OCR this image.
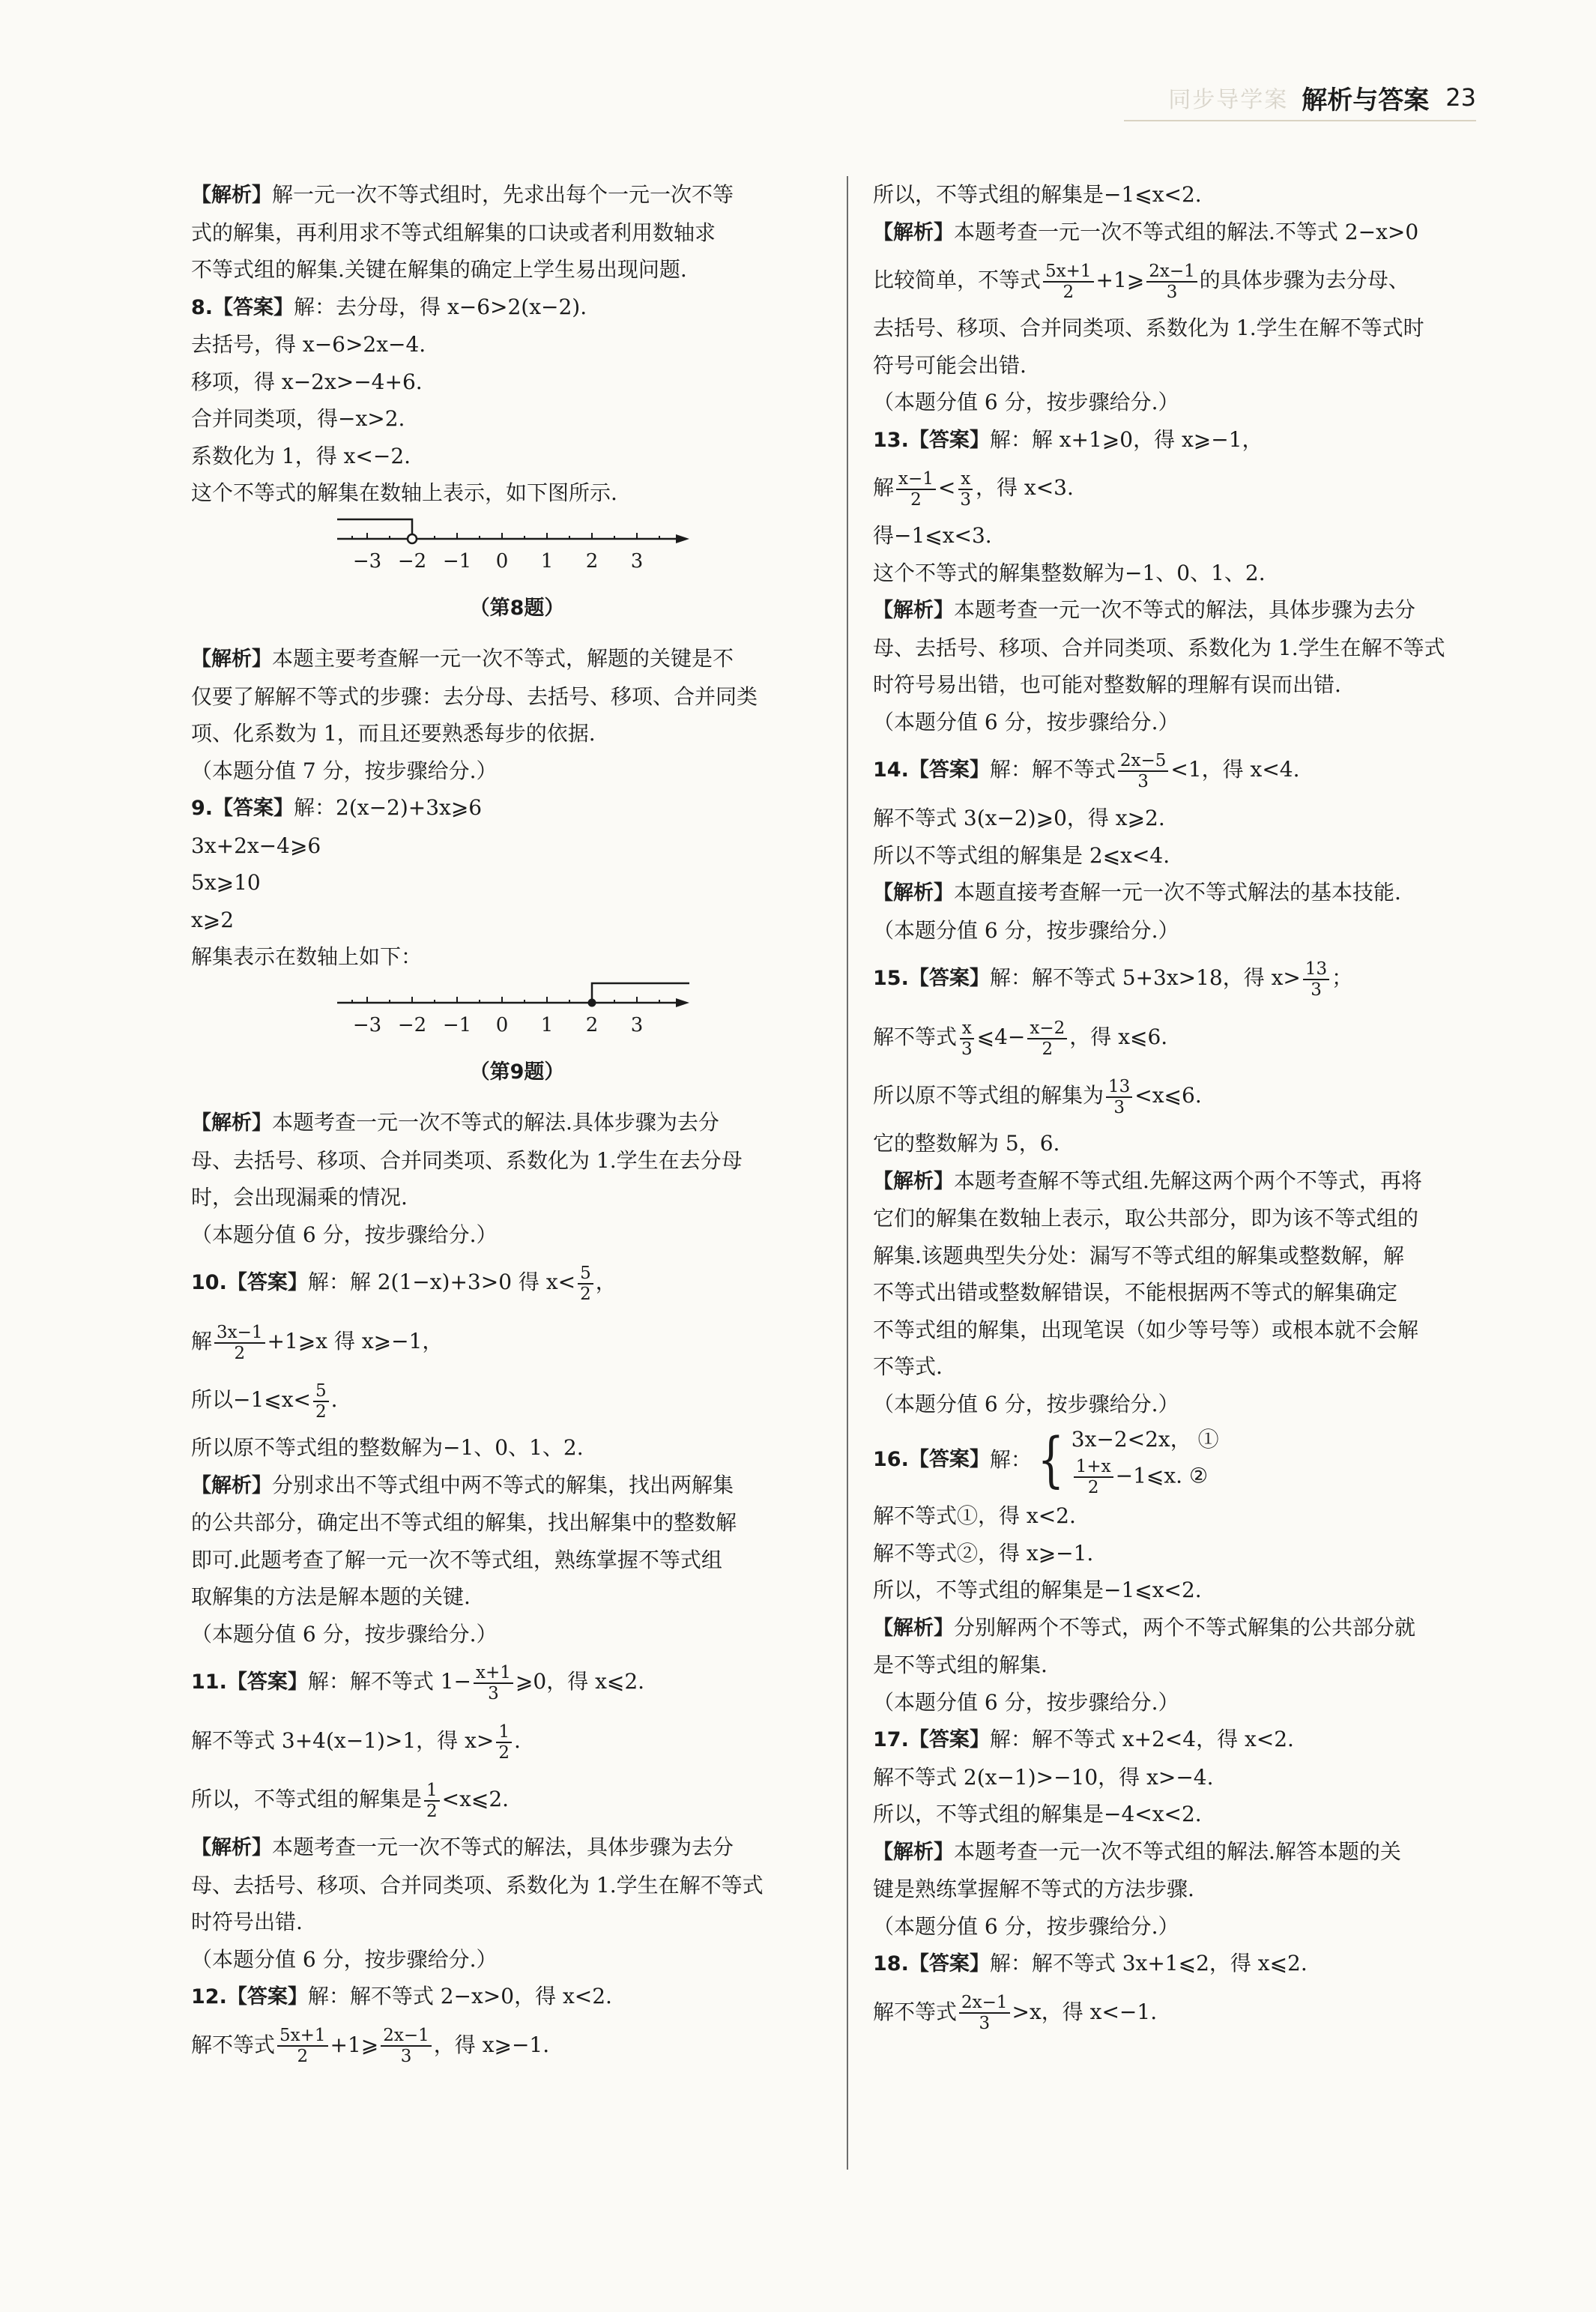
同步导学案 解析与答案 23
【解析】解一元一次不等式组时，先求出每个一元一次不等
式的解集，再利用求不等式组解集的口诀或者利用数轴求
不等式组的解集.关键在解集的确定上学生易出现问题.
8.【答案】解：去分母，得 x−6>2(x−2).
去括号，得 x−6>2x−4.
移项，得 x−2x>−4+6.
合并同类项，得−x>2.
系数化为 1，得 x<−2.
这个不等式的解集在数轴上表示，如下图所示.
−3 −2 −1 0 1 2 3
（第8题）
【解析】本题主要考查解一元一次不等式，解题的关键是不
仅要了解解不等式的步骤：去分母、去括号、移项、合并同类
项、化系数为 1，而且还要熟悉每步的依据.
（本题分值 7 分，按步骤给分.）
9.【答案】解：2(x−2)+3x⩾6
3x+2x−4⩾6
5x⩾10
x⩾2
解集表示在数轴上如下：
−3 −2 −1 0 1 2 3
（第9题）
【解析】本题考查一元一次不等式的解法.具体步骤为去分
母、去括号、移项、合并同类项、系数化为 1.学生在去分母
时，会出现漏乘的情况.
（本题分值 6 分，按步骤给分.）
10.【答案】解：解 2(1−x)+3>0 得 $x< \frac{5}{2}$ ，
解 $\frac{3x-1}{2}$ +1⩾x 得 x⩾−1，
所以−1⩽x< $\frac{5}{2}$ .
所以原不等式组的整数解为−1、0、1、2.
【解析】分别求出不等式组中两不等式的解集，找出两解集
的公共部分，确定出不等式组的解集，找出解集中的整数解
即可.此题考查了解一元一次不等式组，熟练掌握不等式组
取解集的方法是解本题的关键.
（本题分值 6 分，按步骤给分.）
11.【答案】解：解不等式 $1- \frac{x+1}{3}$ ⩾0，得 x⩽2.
解不等式 3+4(x−1)>1，得 $x> \frac{1}{2}$ .
所以，不等式组的解集是 $\frac{1}{2}$ <x⩽2.
【解析】本题考查一元一次不等式的解法，具体步骤为去分
母、去括号、移项、合并同类项、系数化为 1.学生在解不等式
时符号出错.
（本题分值 6 分，按步骤给分.）
12.【答案】解：解不等式 2−x>0，得 x<2.
解不等式 $\frac{5x+1}{2}$ +1⩾ $\frac{2x-1}{3}$ ，得 x⩾−1.
所以，不等式组的解集是−1⩽x<2.
【解析】本题考查一元一次不等式组的解法.不等式 2−x>0
比较简单，不等式 $\frac{5x+1}{2}$ +1⩾ $\frac{2x-1}{3}$ 的具体步骤为去分母、
去括号、移项、合并同类项、系数化为 1.学生在解不等式时
符号可能会出错.
（本题分值 6 分，按步骤给分.）
13.【答案】解：解 x+1⩾0，得 x⩾−1，
解 $\frac{x-1}{2} < \frac{x}{3}$ ，得 x<3.
得−1⩽x<3.
这个不等式的解集整数解为−1、0、1、2.
【解析】本题考查一元一次不等式的解法，具体步骤为去分
母、去括号、移项、合并同类项、系数化为 1.学生在解不等式
时符号易出错，也可能对整数解的理解有误而出错.
（本题分值 6 分，按步骤给分.）
14.【答案】解：解不等式 $\frac{2x-5}{3} <1$，得 x<4.
解不等式 3(x−2)⩾0，得 x⩾2.
所以不等式组的解集是 2⩽x<4.
【解析】本题直接考查解一元一次不等式解法的基本技能.
（本题分值 6 分，按步骤给分.）
15.【答案】解：解不等式 5+3x>18，得 $x> \frac{13}{3}$ ；
解不等式 $\frac{x}{3}$ ⩽4− $\frac{x-2}{2}$ ，得 x⩽6.
所以原不等式组的解集为 $\frac{13}{3}$ <x⩽6.
它的整数解为 5，6.
【解析】本题考查解不等式组.先解这两个两个不等式，再将
它们的解集在数轴上表示，取公共部分，即为该不等式组的
解集.该题典型失分处：漏写不等式组的解集或整数解，解
不等式出错或整数解错误，不能根据两不等式的解集确定
不等式组的解集，出现笔误（如少等号等）或根本就不会解
不等式.
（本题分值 6 分，按步骤给分.）
16.【答案】 解： { 3x−2<2x， ①
$\frac{1+x}{2}$ −1⩽x. ②
解不等式①，得 x<2.
解不等式②，得 x⩾−1.
所以，不等式组的解集是−1⩽x<2.
【解析】分别解两个不等式，两个不等式解集的公共部分就
是不等式组的解集.
（本题分值 6 分，按步骤给分.）
17.【答案】解：解不等式 x+2<4，得 x<2.
解不等式 2(x−1)>−10，得 x>−4.
所以，不等式组的解集是−4<x<2.
【解析】本题考查一元一次不等式组的解法.解答本题的关
键是熟练掌握解不等式的方法步骤.
（本题分值 6 分，按步骤给分.）
18.【答案】解：解不等式 3x+1⩽2，得 x⩽2.
解不等式 $\frac{2x-1}{3} >x$，得 x<−1.
